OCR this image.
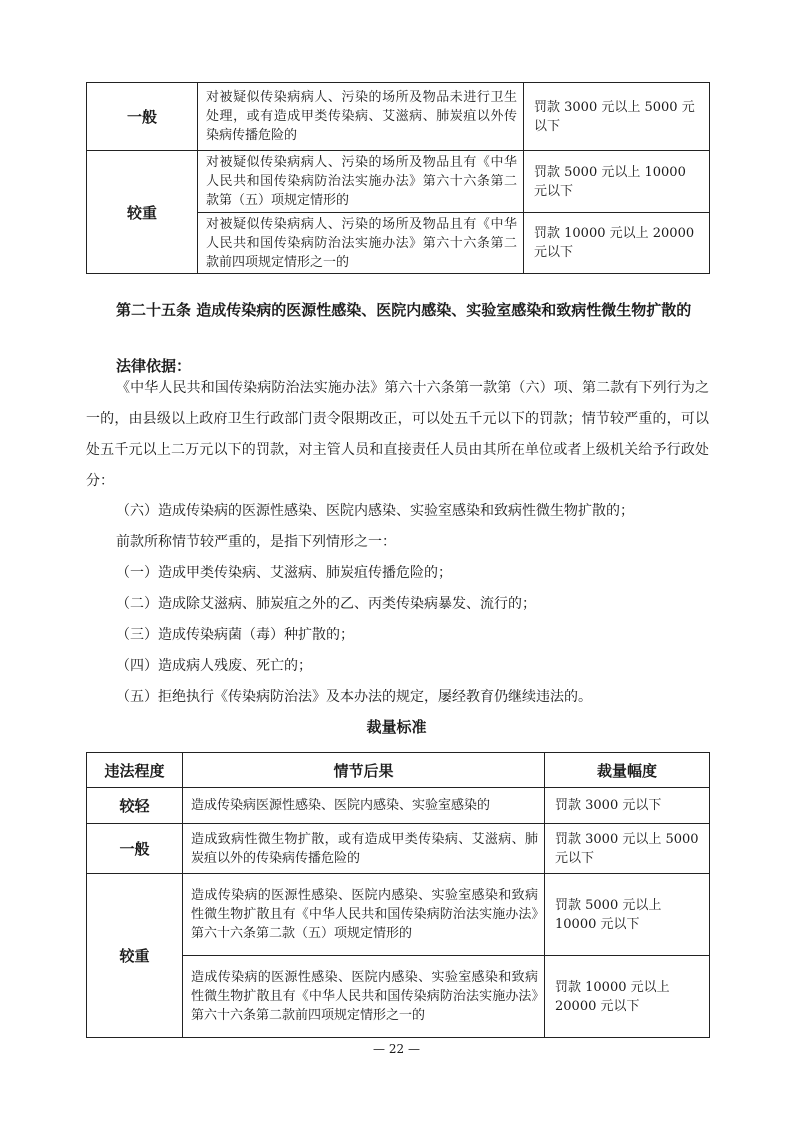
一般	对被疑似传染病病人、污染的场所及物品未进行卫生处理，或有造成甲类传染病、艾滋病、肺炭疽以外传染病传播危险的	罚款 3000 元以上 5000 元以下
较重	对被疑似传染病病人、污染的场所及物品且有《中华人民共和国传染病防治法实施办法》第六十六条第二款第（五）项规定情形的	罚款 5000 元以上 10000 元以下
	对被疑似传染病病人、污染的场所及物品且有《中华人民共和国传染病防治法实施办法》第六十六条第二款前四项规定情形之一的	罚款 10000 元以上 20000 元以下

第二十五条 造成传染病的医源性感染、医院内感染、实验室感染和致病性微生物扩散的

法律依据：

《中华人民共和国传染病防治法实施办法》第六十六条第一款第（六）项、第二款有下列行为之一的，由县级以上政府卫生行政部门责令限期改正，可以处五千元以下的罚款；情节较严重的，可以处五千元以上二万元以下的罚款，对主管人员和直接责任人员由其所在单位或者上级机关给予行政处分：

（六）造成传染病的医源性感染、医院内感染、实验室感染和致病性微生物扩散的；

前款所称情节较严重的，是指下列情形之一：

（一）造成甲类传染病、艾滋病、肺炭疽传播危险的；

（二）造成除艾滋病、肺炭疽之外的乙、丙类传染病暴发、流行的；

（三）造成传染病菌（毒）种扩散的；

（四）造成病人残废、死亡的；

（五）拒绝执行《传染病防治法》及本办法的规定，屡经教育仍继续违法的。

裁量标准

违法程度	情节后果	裁量幅度
较轻	造成传染病医源性感染、医院内感染、实验室感染的	罚款 3000 元以下
一般	造成致病性微生物扩散，或有造成甲类传染病、艾滋病、肺炭疽以外的传染病传播危险的	罚款 3000 元以上 5000 元以下
较重	造成传染病的医源性感染、医院内感染、实验室感染和致病性微生物扩散且有《中华人民共和国传染病防治法实施办法》第六十六条第二款（五）项规定情形的	罚款 5000 元以上 10000 元以下
	造成传染病的医源性感染、医院内感染、实验室感染和致病性微生物扩散且有《中华人民共和国传染病防治法实施办法》第六十六条第二款前四项规定情形之一的	罚款 10000 元以上 20000 元以下

— 22 —
